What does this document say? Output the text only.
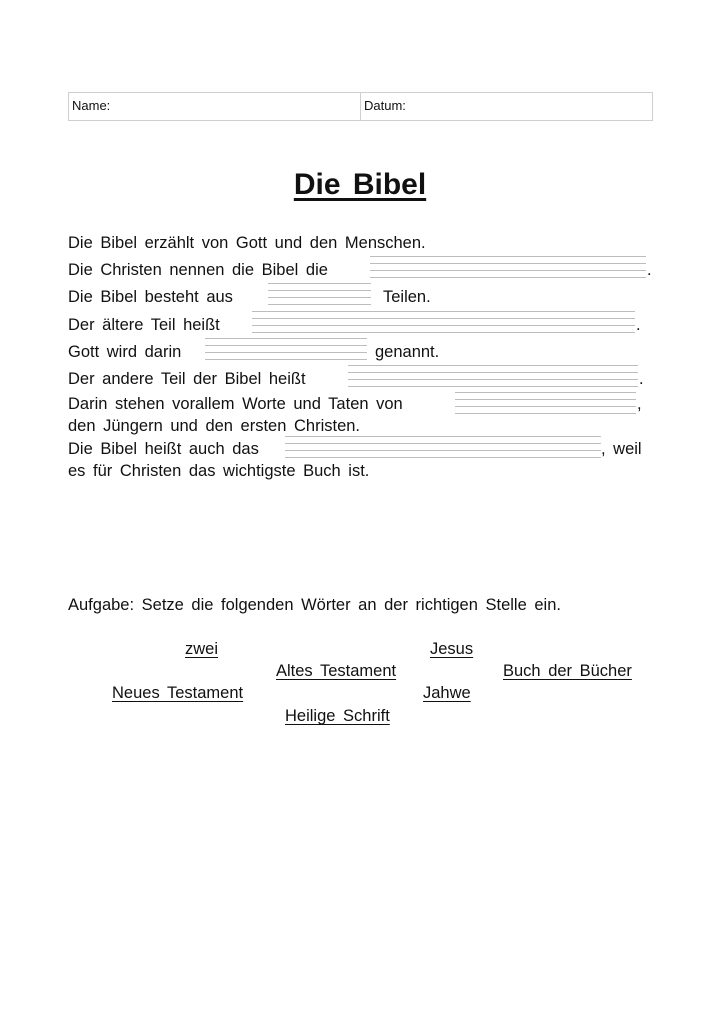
Name:	Datum:
Die Bibel
Die Bibel erzählt von Gott und den Menschen.
Die Christen nennen die Bibel die	.
Die Bibel besteht aus	Teilen.
Der ältere Teil heißt	.
Gott wird darin	genannt.
Der andere Teil der Bibel heißt	.
Darin stehen vorallem Worte und Taten von	,
den Jüngern und den ersten Christen.
Die Bibel heißt auch das	, weil
es für Christen das wichtigste Buch ist.
Aufgabe: Setze die folgenden Wörter an der richtigen Stelle ein.
zwei	Jesus
Altes Testament	Buch der Bücher
Neues Testament	Jahwe
Heilige Schrift
